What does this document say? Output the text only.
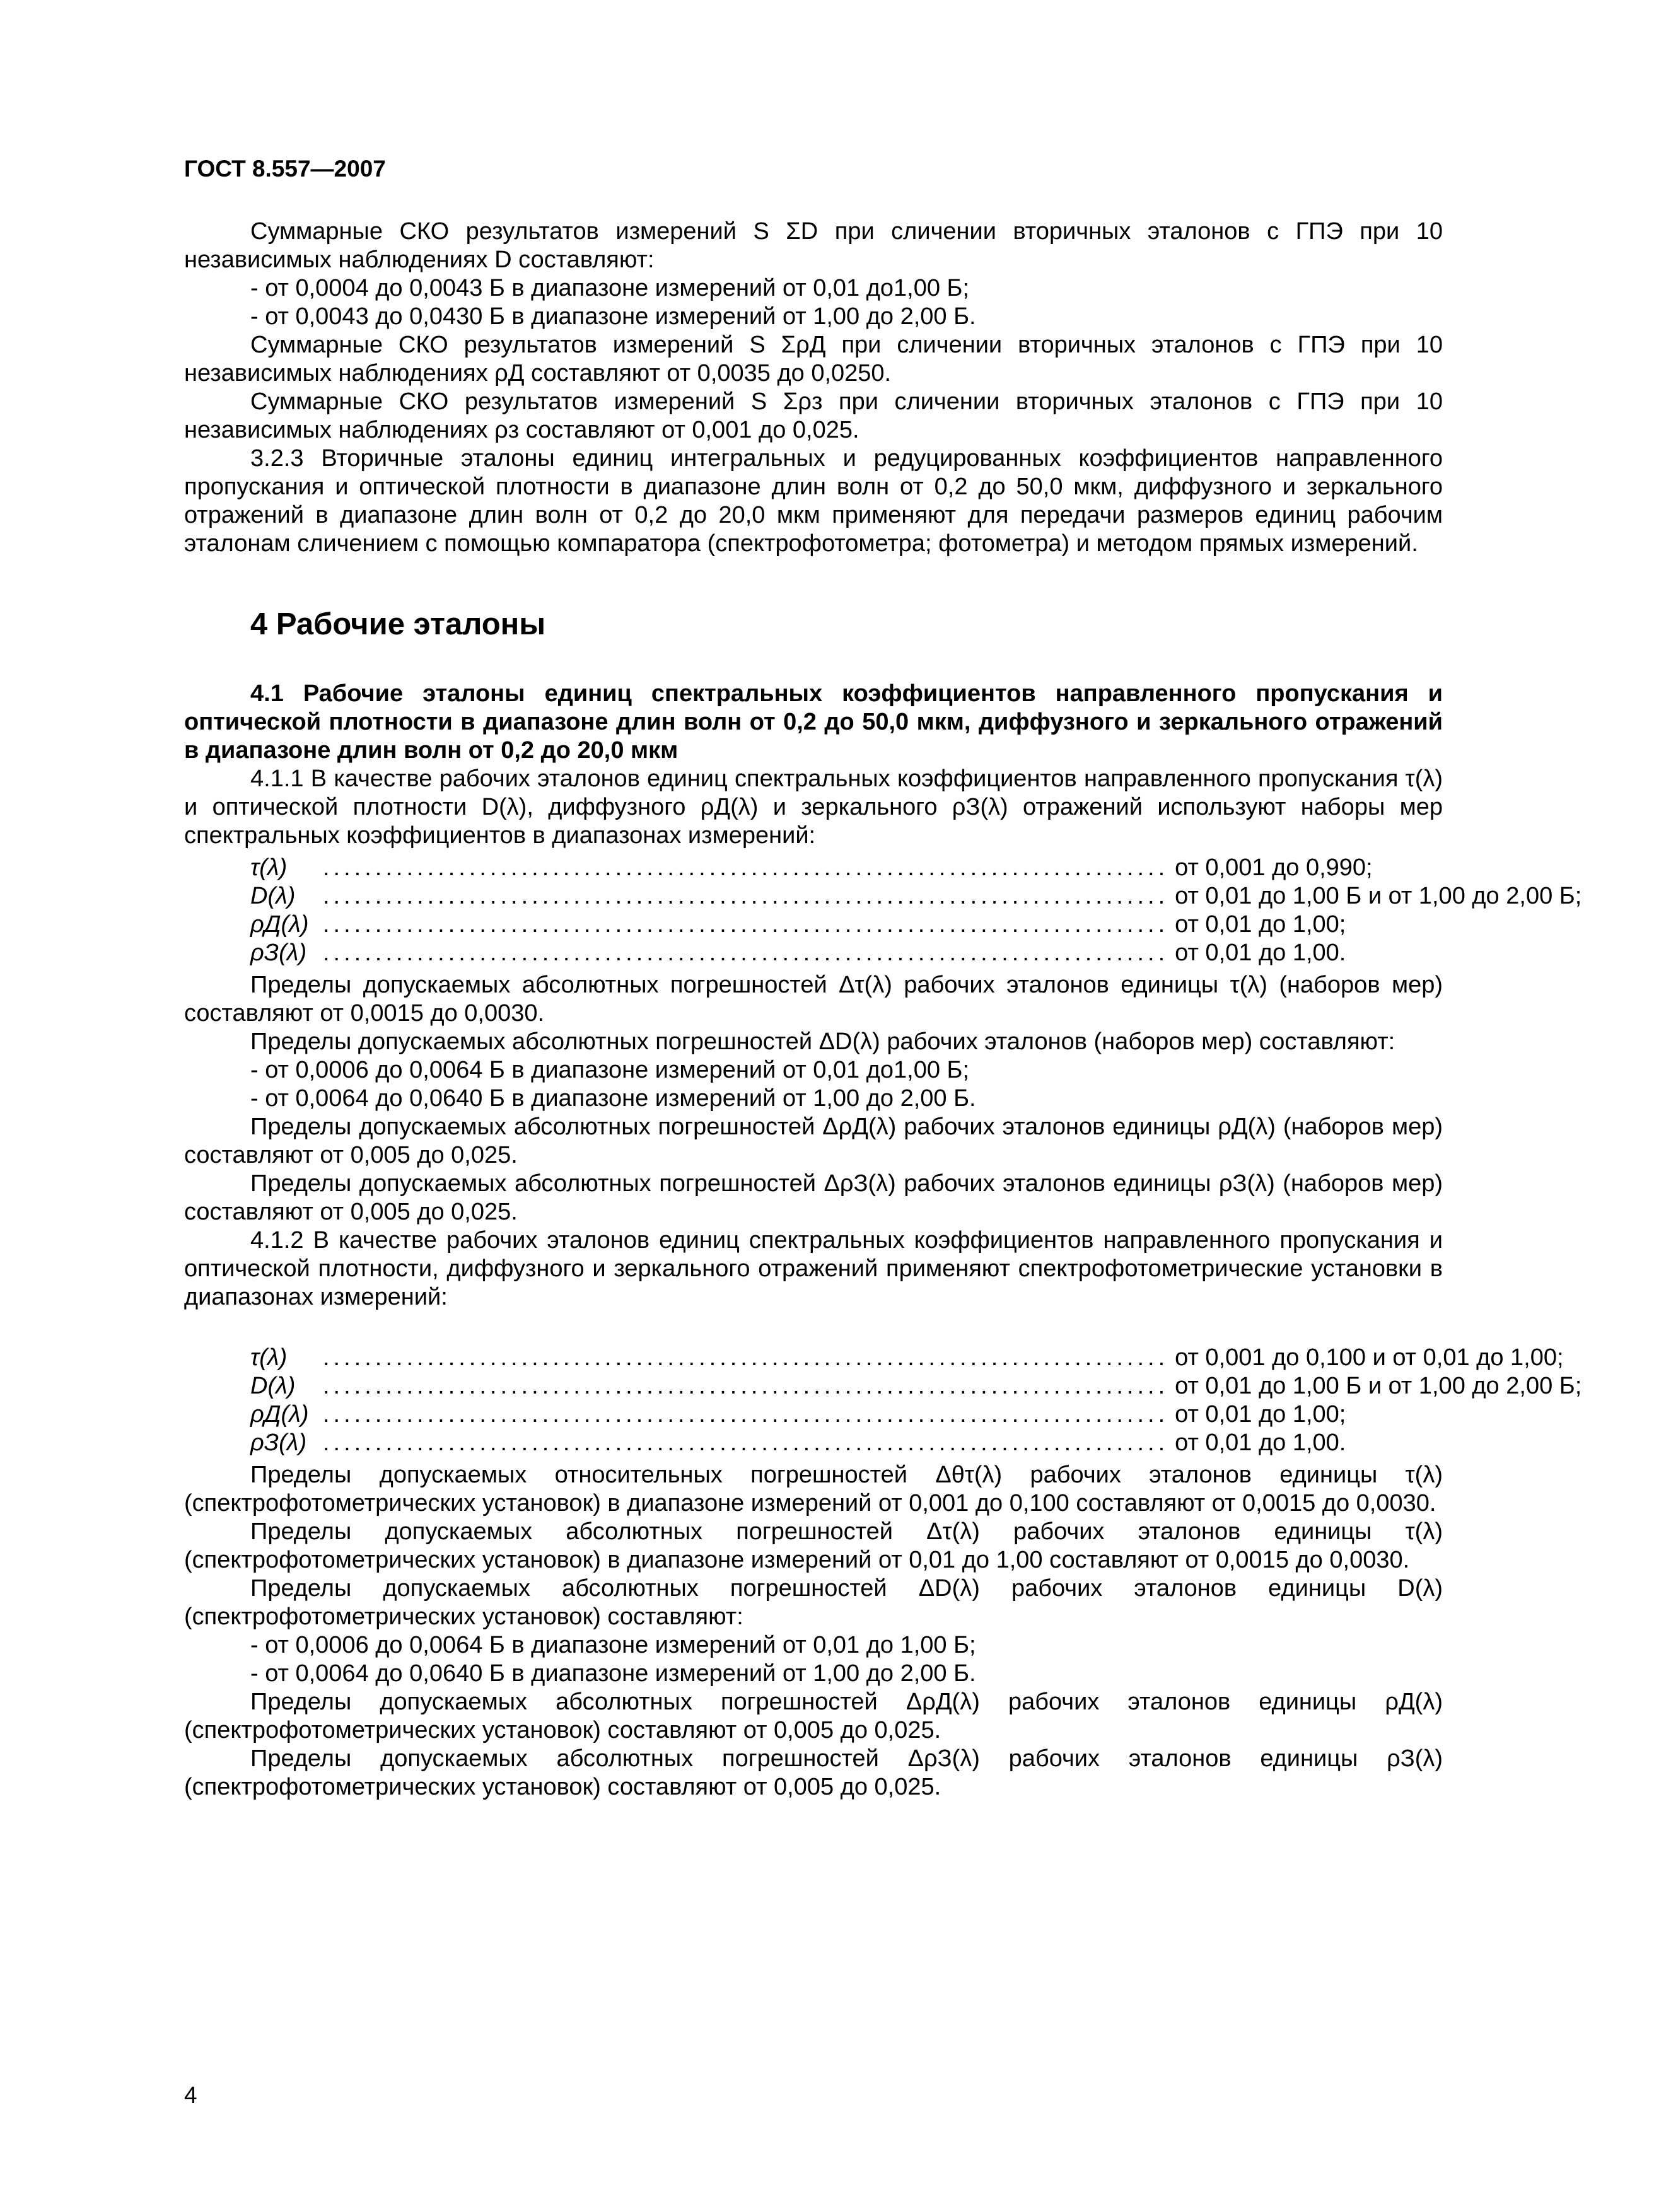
ГОСТ 8.557—2007

Суммарные СКО результатов измерений S ΣD при сличении вторичных эталонов с ГПЭ при 10 независимых наблюдениях D составляют:

- от 0,0004 до 0,0043 Б в диапазоне измерений от 0,01 до1,00 Б;

- от 0,0043 до 0,0430 Б в диапазоне измерений от 1,00 до 2,00 Б.

Суммарные СКО результатов измерений S ΣρД при сличении вторичных эталонов с ГПЭ при 10 независимых наблюдениях ρД составляют от 0,0035 до 0,0250.

Суммарные СКО результатов измерений S Σρз при сличении вторичных эталонов с ГПЭ при 10 независимых наблюдениях ρз составляют от 0,001 до 0,025.

3.2.3 Вторичные эталоны единиц интегральных и редуцированных коэффициентов направленного пропускания и оптической плотности в диапазоне длин волн от 0,2 до 50,0 мкм, диффузного и зеркального отражений в диапазоне длин волн от 0,2 до 20,0 мкм применяют для передачи размеров единиц рабочим эталонам сличением с помощью компаратора (спектрофотометра; фотометра) и методом прямых измерений.

4 Рабочие эталоны

4.1 Рабочие эталоны единиц спектральных коэффициентов направленного пропускания и оптической плотности в диапазоне длин волн от 0,2 до 50,0 мкм, диффузного и зеркального отражений в диапазоне длин волн от 0,2 до 20,0 мкм

4.1.1 В качестве рабочих эталонов единиц спектральных коэффициентов направленного пропускания τ(λ) и оптической плотности D(λ), диффузного ρД(λ) и зеркального ρЗ(λ) отражений используют наборы мер спектральных коэффициентов в диапазонах измерений:

τ(λ)	................................................................................. от 0,001 до 0,990;
D(λ)	................................................................................. от 0,01 до 1,00 Б и от 1,00 до 2,00 Б;
ρД(λ) ................................................................................. от 0,01 до 1,00;
ρЗ(λ) ................................................................................. от 0,01 до 1,00.

Пределы допускаемых абсолютных погрешностей Δτ(λ) рабочих эталонов единицы τ(λ) (наборов мер) составляют от 0,0015 до 0,0030.

Пределы допускаемых абсолютных погрешностей ΔD(λ) рабочих эталонов (наборов мер) составляют:

- от 0,0006 до 0,0064 Б в диапазоне измерений от 0,01 до1,00 Б;

- от 0,0064 до 0,0640 Б в диапазоне измерений от 1,00 до 2,00 Б.

Пределы допускаемых абсолютных погрешностей ΔρД(λ) рабочих эталонов единицы ρД(λ) (наборов мер) составляют от 0,005 до 0,025.

Пределы допускаемых абсолютных погрешностей ΔρЗ(λ) рабочих эталонов единицы ρЗ(λ) (наборов мер) составляют от 0,005 до 0,025.

4.1.2 В качестве рабочих эталонов единиц спектральных коэффициентов направленного пропускания и оптической плотности, диффузного и зеркального отражений применяют спектрофотометрические установки в диапазонах измерений:

τ(λ)	................................................................................. от 0,001 до 0,100 и от 0,01 до 1,00;
D(λ)	................................................................................. от 0,01 до 1,00 Б и от 1,00 до 2,00 Б;
ρД(λ) ................................................................................. от 0,01 до 1,00;
ρЗ(λ) ................................................................................. от 0,01 до 1,00.

Пределы допускаемых относительных погрешностей Δθτ(λ) рабочих эталонов единицы τ(λ) (спектрофотометрических установок) в диапазоне измерений от 0,001 до 0,100 составляют от 0,0015 до 0,0030.

Пределы допускаемых абсолютных погрешностей Δτ(λ) рабочих эталонов единицы τ(λ) (спектрофотометрических установок) в диапазоне измерений от 0,01 до 1,00 составляют от 0,0015 до 0,0030.

Пределы допускаемых абсолютных погрешностей ΔD(λ) рабочих эталонов единицы D(λ) (спектрофотометрических установок) составляют:

- от 0,0006 до 0,0064 Б в диапазоне измерений от 0,01 до 1,00 Б;

- от 0,0064 до 0,0640 Б в диапазоне измерений от 1,00 до 2,00 Б.

Пределы допускаемых абсолютных погрешностей ΔρД(λ) рабочих эталонов единицы ρД(λ) (спектрофотометрических установок) составляют от 0,005 до 0,025.

Пределы допускаемых абсолютных погрешностей ΔρЗ(λ) рабочих эталонов единицы ρЗ(λ) (спектрофотометрических установок) составляют от 0,005 до 0,025.

4
